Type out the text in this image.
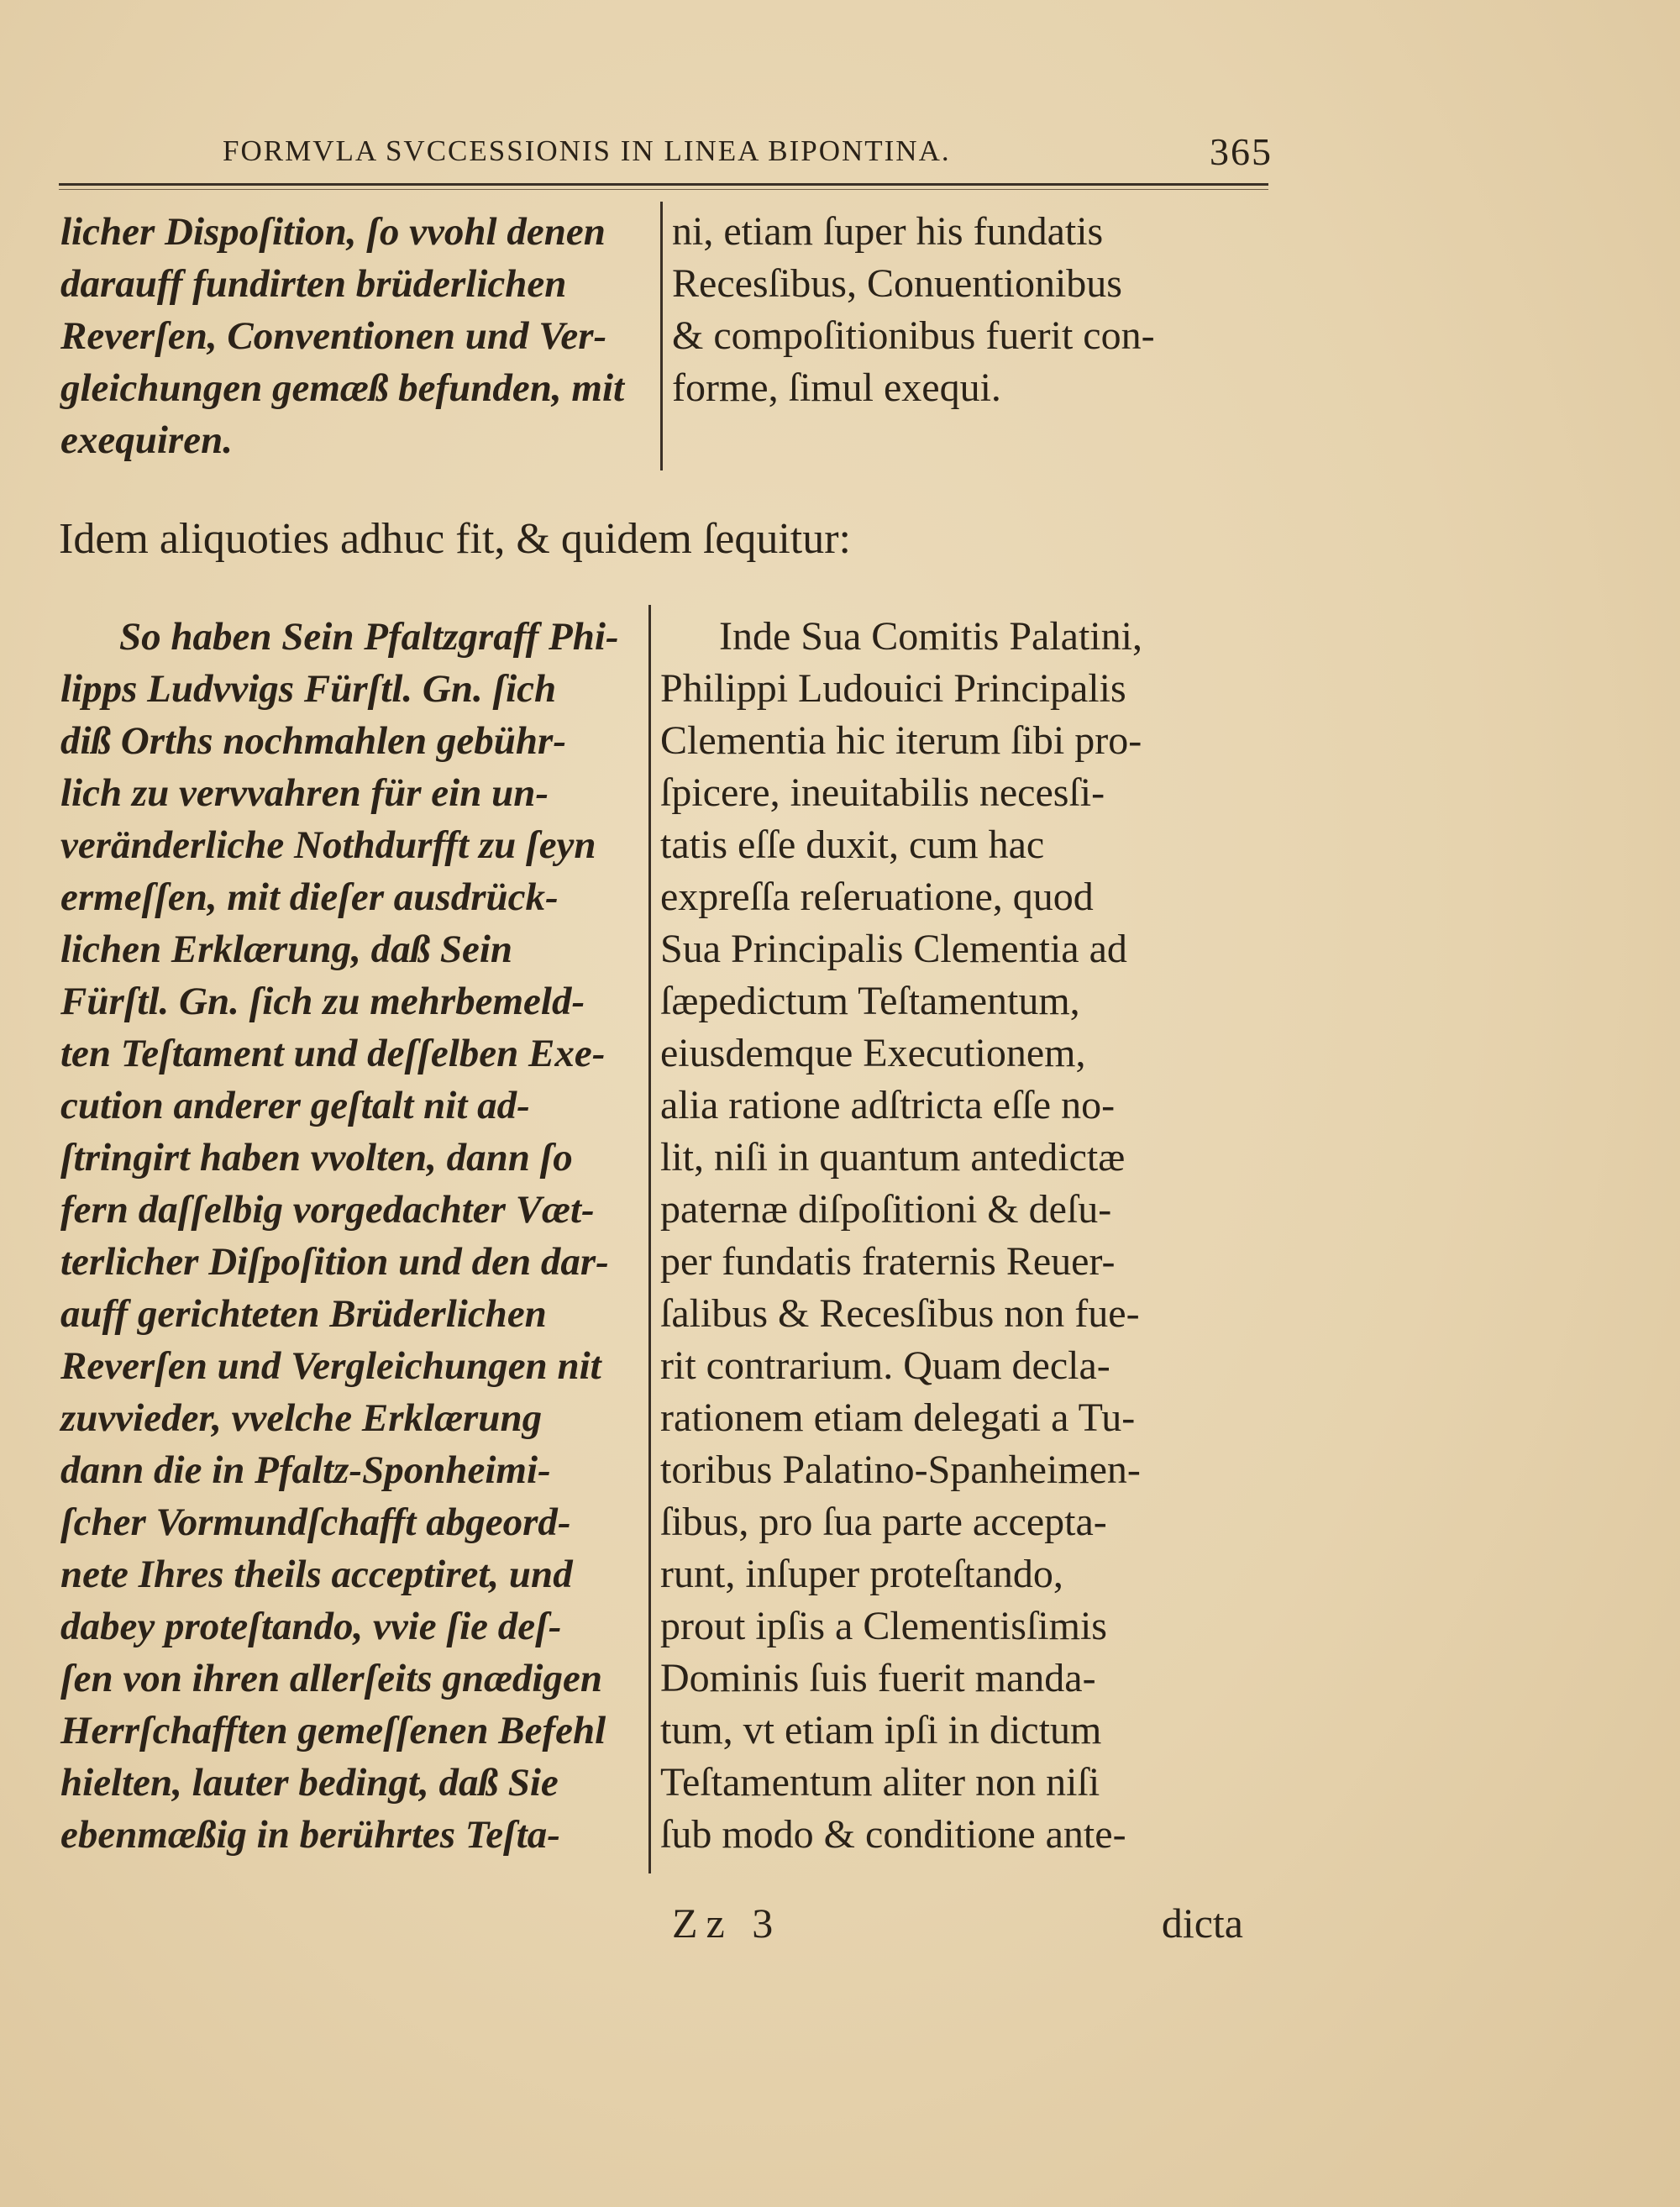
FORMVLA SVCCESSIONIS IN LINEA BIPONTINA.	365
licher Dispoſition, ſo vvohl denen
darauff fundirten brüderlichen
Reverſen, Conventionen und Ver-
gleichungen gemæß befunden, mit
exequiren.
ni, etiam ſuper his fundatis
Recesſibus, Conuentionibus
& compoſitionibus fuerit con-
forme, ſimul exequi.
Idem aliquoties adhuc fit, & quidem ſequitur:
So haben Sein Pfaltzgraff Phi-
lipps Ludvvigs Fürſtl. Gn. ſich
diß Orths nochmahlen gebühr-
lich zu vervvahren für ein un-
veränderliche Nothdurfft zu ſeyn
ermeſſen, mit dieſer ausdrück-
lichen Erklærung, daß Sein
Fürſtl. Gn. ſich zu mehrbemeld-
ten Teſtament und deſſelben Exe-
cution anderer geſtalt nit ad-
ſtringirt haben vvolten, dann ſo
fern daſſelbig vorgedachter Væt-
terlicher Diſpoſition und den dar-
auff gerichteten Brüderlichen
Reverſen und Vergleichungen nit
zuvvieder, vvelche Erklærung
dann die in Pfaltz-Sponheimi-
ſcher Vormundſchafft abgeord-
nete Ihres theils acceptiret, und
dabey proteſtando, vvie ſie deſ-
ſen von ihren allerſeits gnædigen
Herrſchafften gemeſſenen Befehl
hielten, lauter bedingt, daß Sie
ebenmæßig in berührtes Teſta-
Inde Sua Comitis Palatini,
Philippi Ludouici Principalis
Clementia hic iterum ſibi pro-
ſpicere, ineuitabilis necesſi-
tatis eſſe duxit, cum hac
expreſſa reſeruatione, quod
Sua Principalis Clementia ad
ſæpedictum Teſtamentum,
eiusdemque Executionem,
alia ratione adſtricta eſſe no-
lit, niſi in quantum antedictæ
paternæ diſpoſitioni & deſu-
per fundatis fraternis Reuer-
ſalibus & Recesſibus non fue-
rit contrarium. Quam decla-
rationem etiam delegati a Tu-
toribus Palatino-Spanheimen-
ſibus, pro ſua parte accepta-
runt, inſuper proteſtando,
prout ipſis a Clementisſimis
Dominis ſuis fuerit manda-
tum, vt etiam ipſi in dictum
Teſtamentum aliter non niſi
ſub modo & conditione ante-
Zz 3	dicta
